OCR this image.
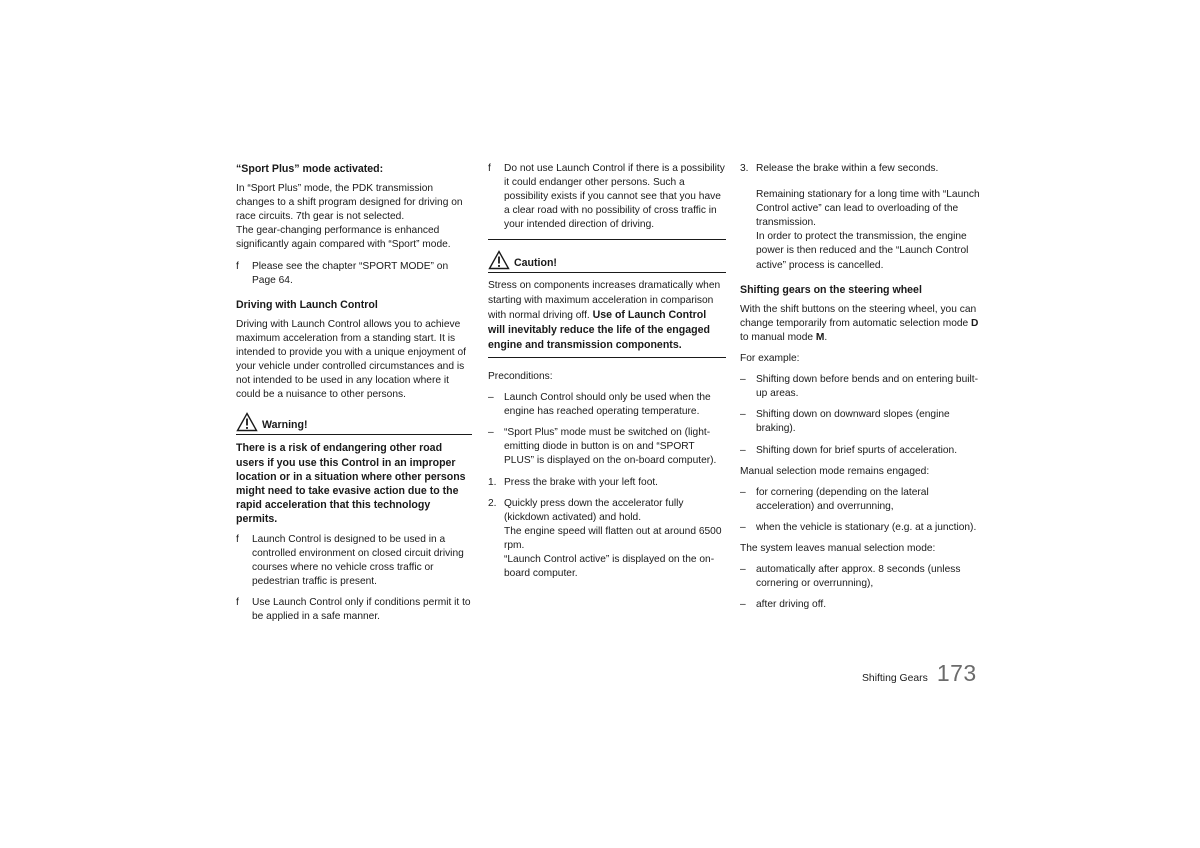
“Sport Plus” mode activated:

In “Sport Plus” mode, the PDK transmission changes to a shift program designed for driving on race circuits. 7th gear is not selected.

The gear-changing performance is enhanced significantly again compared with “Sport” mode.

f Please see the chapter “SPORT MODE” on Page 64.

Driving with Launch Control

Driving with Launch Control allows you to achieve maximum acceleration from a standing start. It is intended to provide you with a unique enjoyment of your vehicle under controlled circumstances and is not intended to be used in any location where it could be a nuisance to other persons.

Warning!

There is a risk of endangering other road users if you use this Control in an improper location or in a situation where other persons might need to take evasive action due to the rapid acceleration that this technology permits.

f Launch Control is designed to be used in a controlled environment on closed circuit driving courses where no vehicle cross traffic or pedestrian traffic is present.
f Use Launch Control only if conditions permit it to be applied in a safe manner.
f Do not use Launch Control if there is a possibility it could endanger other persons. Such a possibility exists if you cannot see that you have a clear road with no possibility of cross traffic in your intended direction of driving.
Caution!

Stress on components increases dramatically when starting with maximum acceleration in comparison with normal driving off. Use of Launch Control will inevitably reduce the life of the engaged engine and transmission components.

Preconditions:

– Launch Control should only be used when the engine has reached operating temperature.
– “Sport Plus” mode must be switched on (light-emitting diode in button is on and “SPORT PLUS” is displayed on the on-board computer).
1. Press the brake with your left foot.
2. Quickly press down the accelerator fully (kickdown activated) and hold.
The engine speed will flatten out at around 6500 rpm.
“Launch Control active” is displayed on the on-board computer.
3. Release the brake within a few seconds.
Remaining stationary for a long time with “Launch Control active” can lead to overloading of the transmission.
In order to protect the transmission, the engine power is then reduced and the “Launch Control active” process is cancelled.

Shifting gears on the steering wheel

With the shift buttons on the steering wheel, you can change temporarily from automatic selection mode D to manual mode M.

For example:

– Shifting down before bends and on entering built-up areas.
– Shifting down on downward slopes (engine braking).
– Shifting down for brief spurts of acceleration.

Manual selection mode remains engaged:

– for cornering (depending on the lateral acceleration) and overrunning,
– when the vehicle is stationary (e.g. at a junction).

The system leaves manual selection mode:

– automatically after approx. 8 seconds (unless cornering or overrunning),
– after driving off.
Shifting Gears 173
